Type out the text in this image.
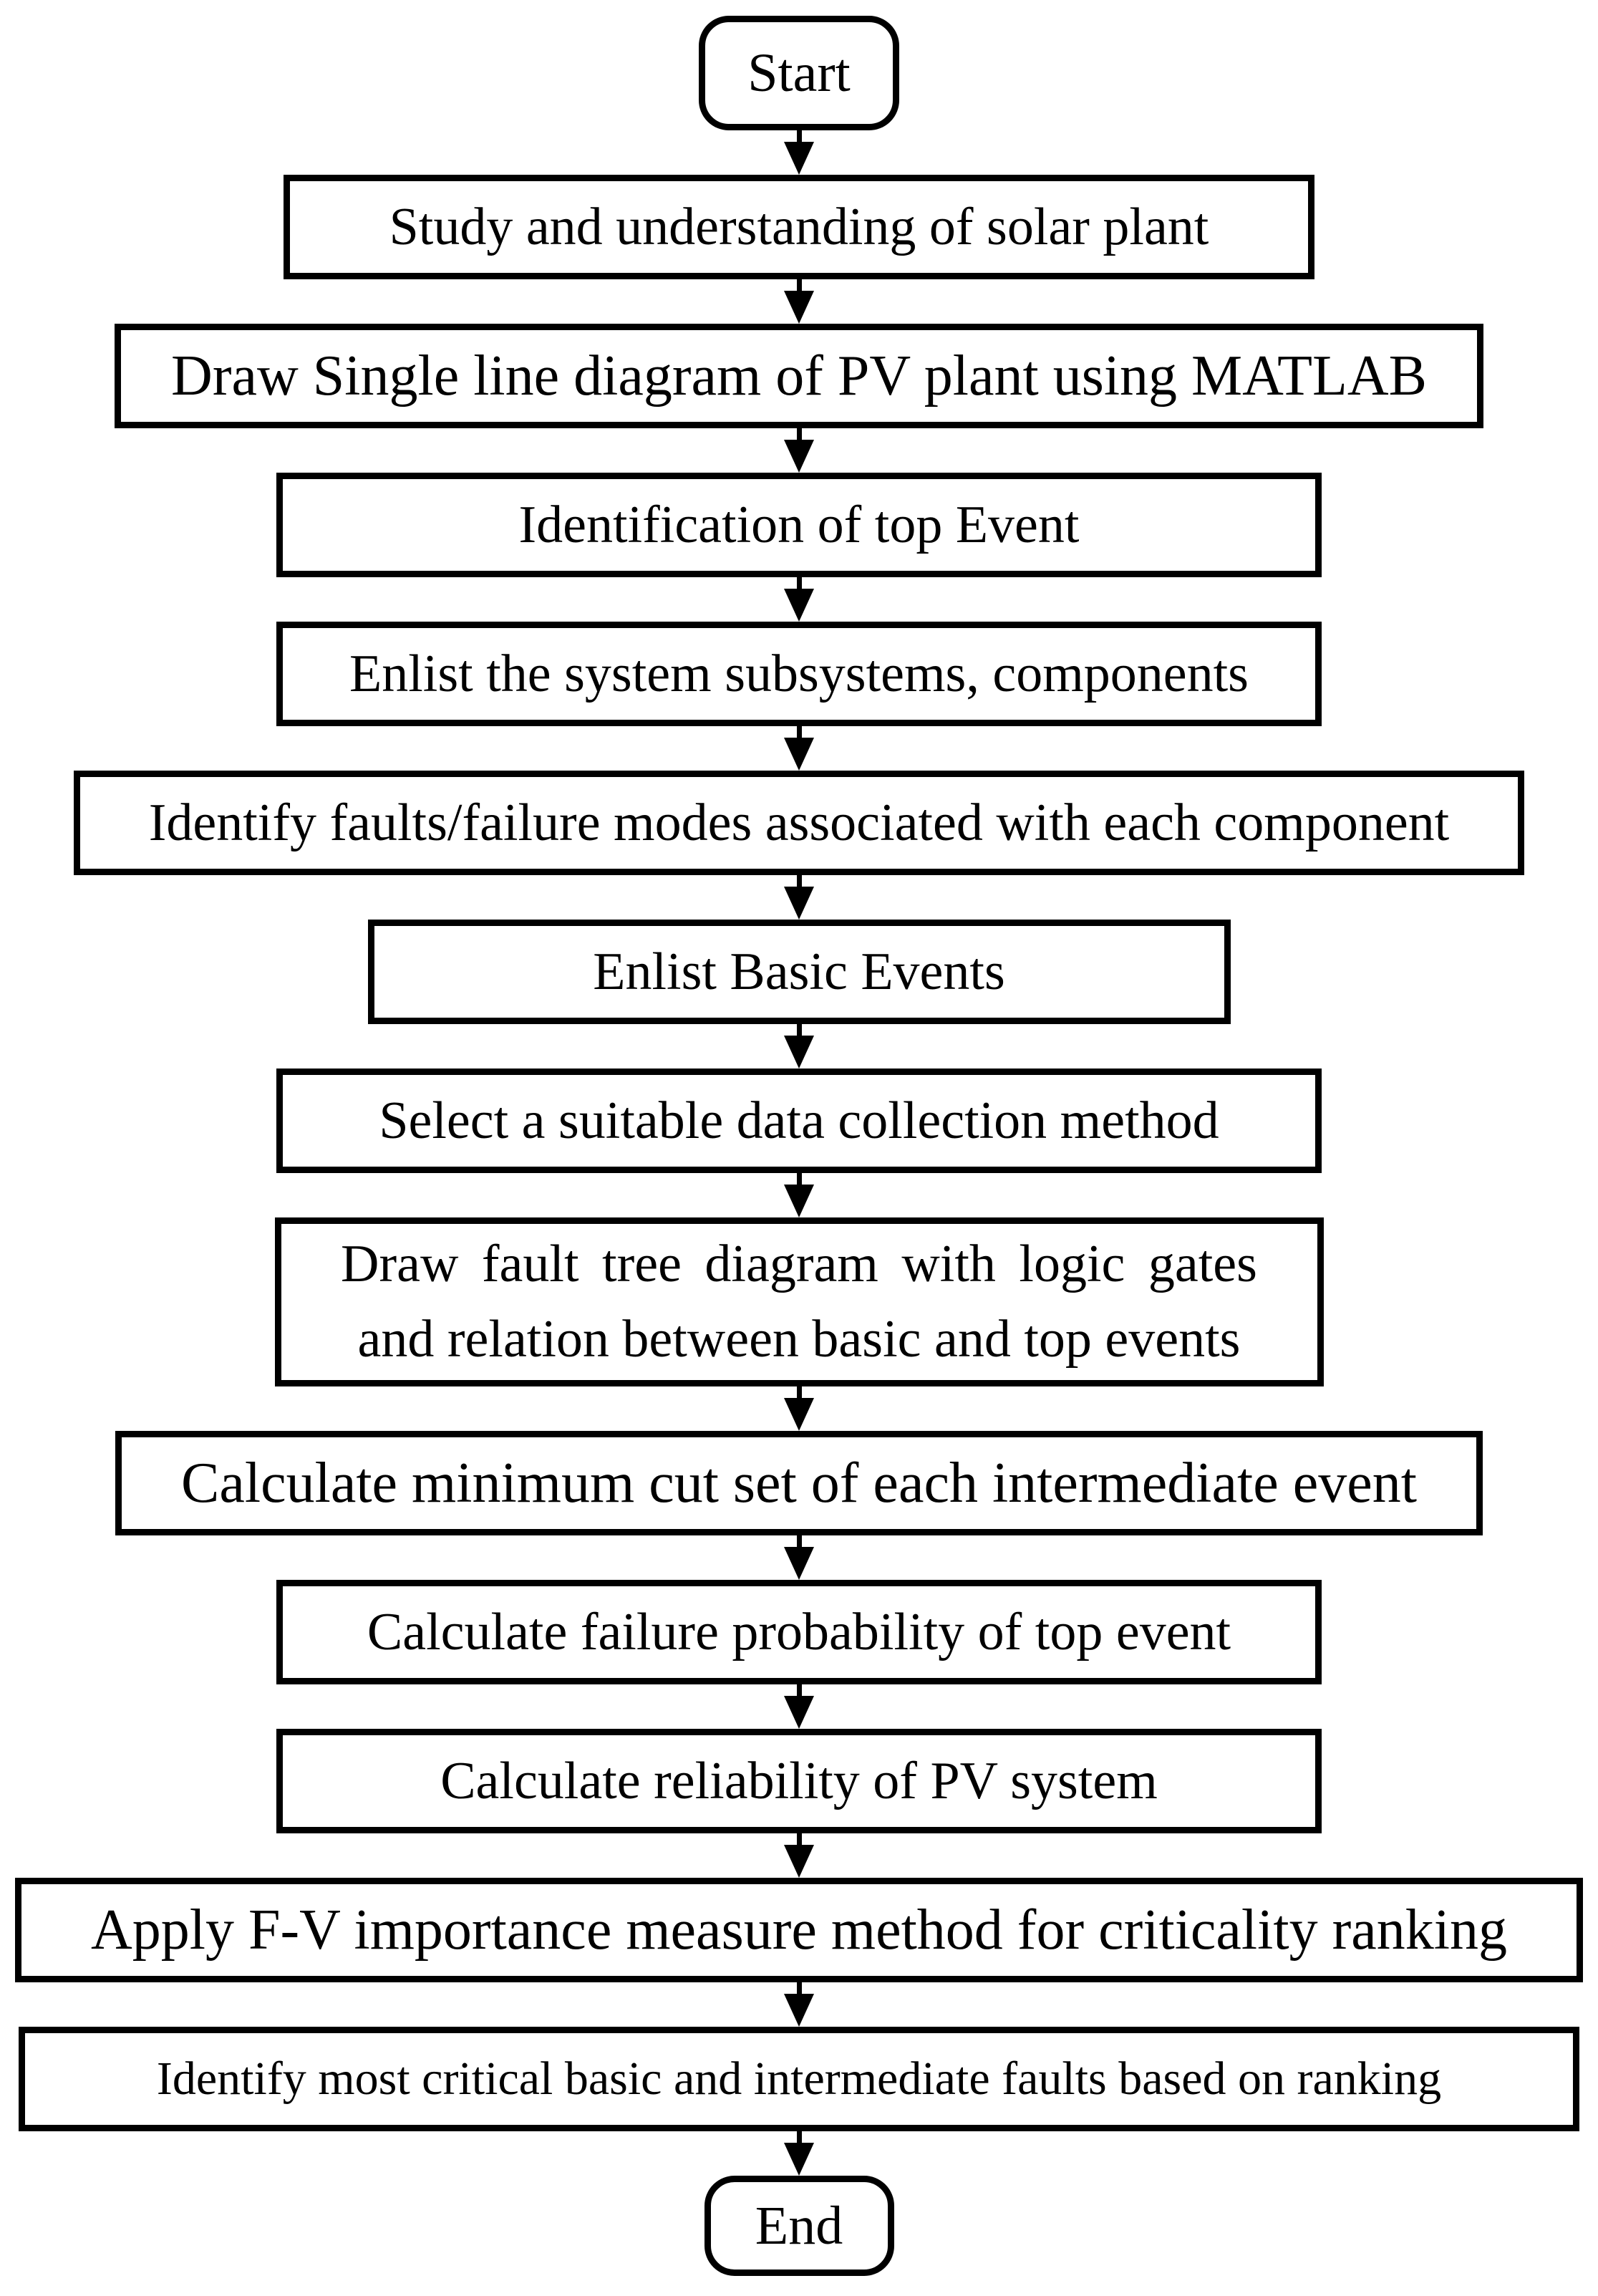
Start
Study and understanding of solar plant
Draw Single line diagram of PV plant using MATLAB
Identification of top Event
Enlist the system subsystems, components
Identify faults/failure modes associated with each component
Enlist Basic Events
Select a suitable data collection method
Draw fault tree diagram with logic gates
and relation between basic and top events
Calculate minimum cut set of each intermediate event
Calculate failure probability of top event
Calculate reliability of PV system
Apply F-V importance measure method for criticality ranking
Identify most critical basic and intermediate faults based on ranking
End
